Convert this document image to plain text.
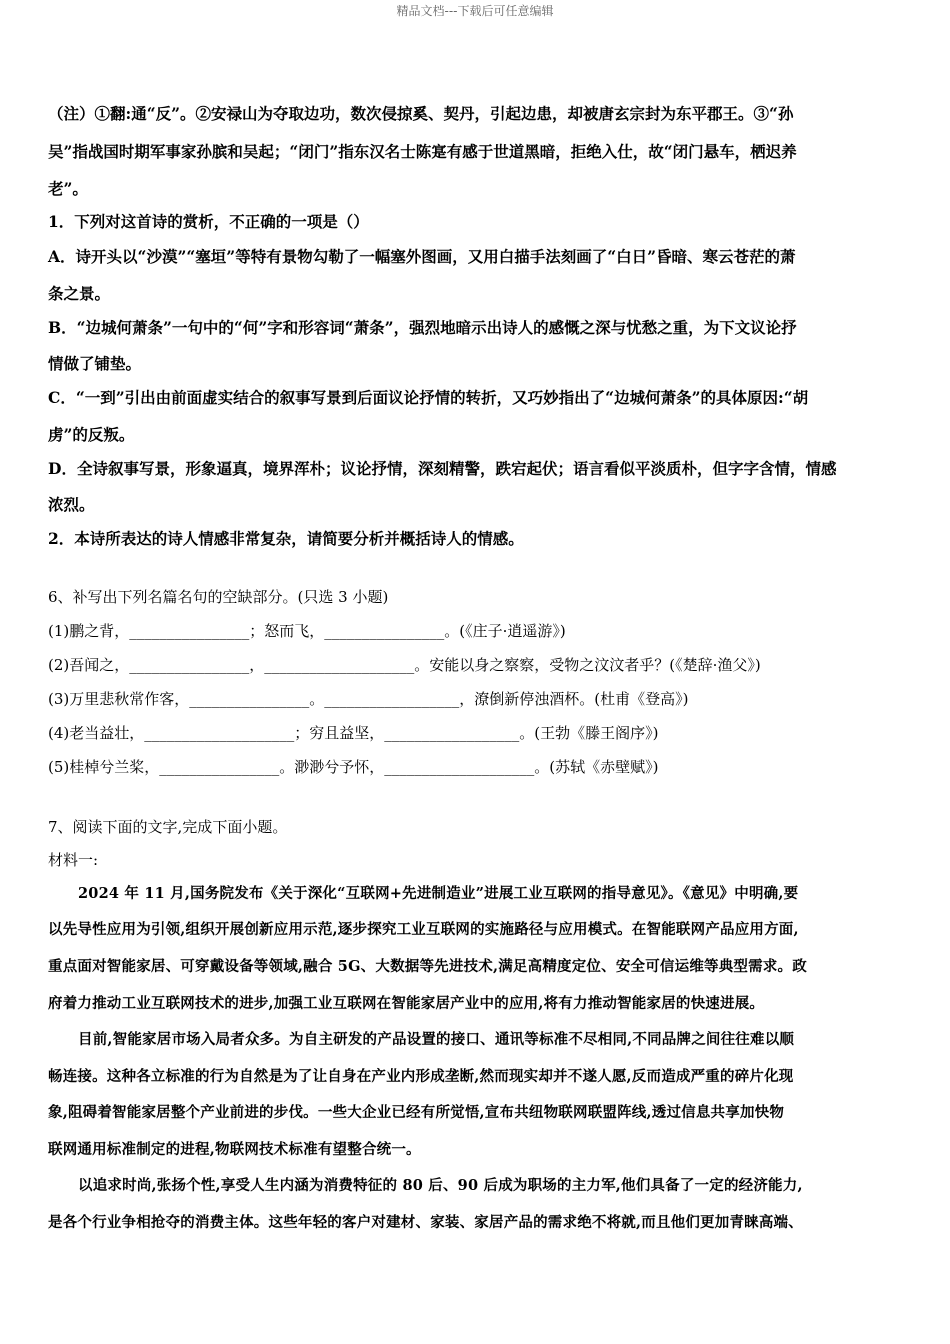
精品文档---下载后可任意编辑
（注）①翻:通“反”。②安禄山为夺取边功，数次侵掠奚、契丹，引起边患，却被唐玄宗封为东平郡王。③“孙
吴”指战国时期军事家孙膑和吴起；“闭门”指东汉名士陈寔有感于世道黑暗，拒绝入仕，故“闭门悬车，栖迟养
老”。
1．下列对这首诗的赏析，不正确的一项是（）
A．诗开头以“沙漠”“塞垣”等特有景物勾勒了一幅塞外图画，又用白描手法刻画了“白日”昏暗、寒云苍茫的萧
条之景。
B．“边城何萧条”一句中的“何”字和形容词“萧条”，强烈地暗示出诗人的感慨之深与忧愁之重，为下文议论抒
情做了铺垫。
C．“一到”引出由前面虚实结合的叙事写景到后面议论抒情的转折，又巧妙指出了“边城何萧条”的具体原因:“胡
虏”的反叛。
D．全诗叙事写景，形象逼真，境界浑朴；议论抒情，深刻精警，跌宕起伏；语言看似平淡质朴，但字字含情，情感
浓烈。
2．本诗所表达的诗人情感非常复杂，请简要分析并概括诗人的情感。
6、补写出下列名篇名句的空缺部分。(只选 3 小题)
(1)鹏之背，________________；怒而飞，________________。(《庄子·逍遥游》)
(2)吾闻之，________________，____________________。安能以身之察察，受物之汶汶者乎？(《楚辞·渔父》)
(3)万里悲秋常作客，________________。__________________，潦倒新停浊酒杯。(杜甫《登高》)
(4)老当益壮，____________________；穷且益坚，__________________。(王勃《滕王阁序》)
(5)桂棹兮兰桨，________________。渺渺兮予怀，____________________。(苏轼《赤壁赋》)
7、阅读下面的文字,完成下面小题。
材料一:
2024 年 11 月,国务院发布《关于深化“互联网+先进制造业”进展工业互联网的指导意见》。《意见》中明确,要
以先导性应用为引领,组织开展创新应用示范,逐步探究工业互联网的实施路径与应用模式。在智能联网产品应用方面,
重点面对智能家居、可穿戴设备等领域,融合 5G、大数据等先进技术,满足高精度定位、安全可信运维等典型需求。政
府着力推动工业互联网技术的进步,加强工业互联网在智能家居产业中的应用,将有力推动智能家居的快速进展。
目前,智能家居市场入局者众多。为自主研发的产品设置的接口、通讯等标准不尽相同,不同品牌之间往往难以顺
畅连接。这种各立标准的行为自然是为了让自身在产业内形成垄断,然而现实却并不遂人愿,反而造成严重的碎片化现
象,阻碍着智能家居整个产业前进的步伐。一些大企业已经有所觉悟,宣布共纽物联网联盟阵线,透过信息共享加快物
联网通用标准制定的进程,物联网技术标准有望整合统一。
以追求时尚,张扬个性,享受人生内涵为消费特征的 80 后、90 后成为职场的主力军,他们具备了一定的经济能力,
是各个行业争相抢夺的消费主体。这些年轻的客户对建材、家装、家居产品的需求绝不将就,而且他们更加青睐高端、
